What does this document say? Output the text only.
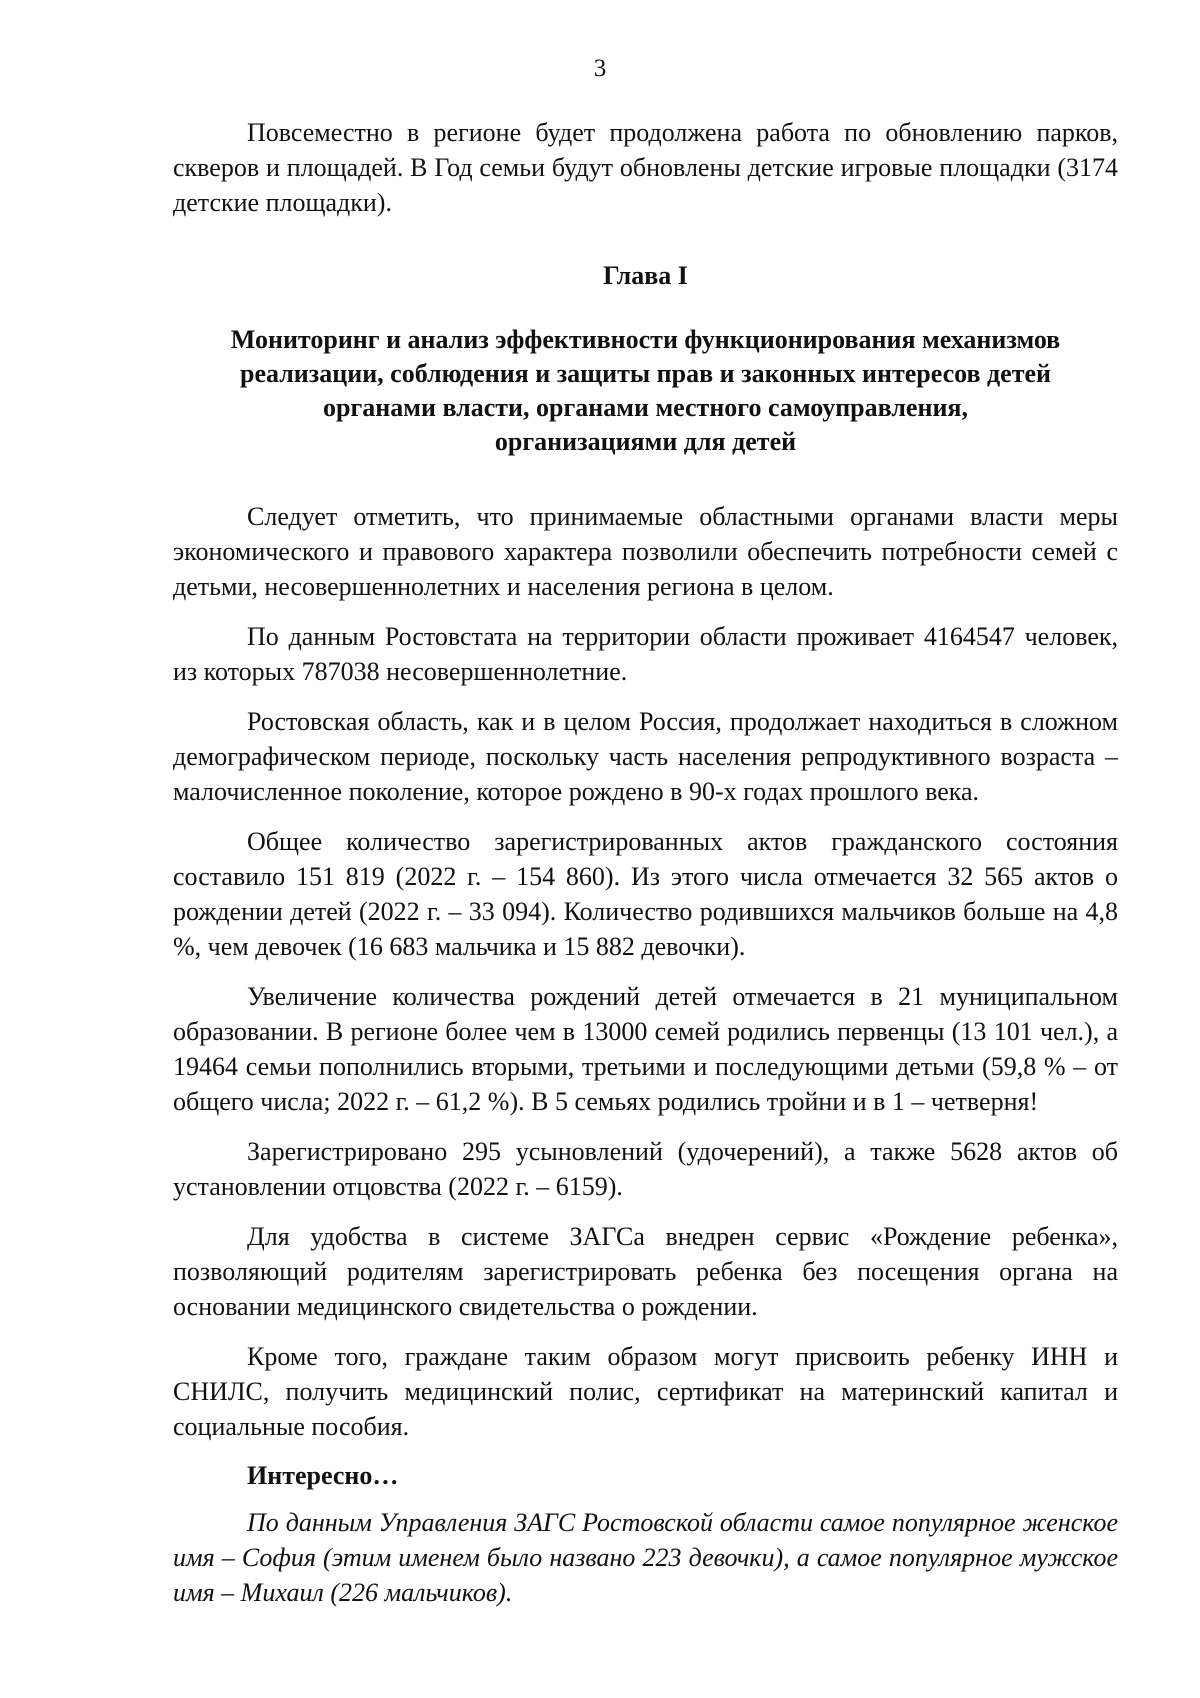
3

Повсеместно в регионе будет продолжена работа по обновлению парков, скверов и площадей. В Год семьи будут обновлены детские игровые площадки (3174 детские площадки).

Глава I
Мониторинг и анализ эффективности функционирования механизмов
реализации, соблюдения и защиты прав и законных интересов детей
органами власти, органами местного самоуправления,
организациями для детей

Следует отметить, что принимаемые областными органами власти меры экономического и правового характера позволили обеспечить потребности семей с детьми, несовершеннолетних и населения региона в целом.

По данным Ростовстата на территории области проживает 4164547 человек, из которых 787038 несовершеннолетние.

Ростовская область, как и в целом Россия, продолжает находиться в сложном демографическом периоде, поскольку часть населения репродуктивного возраста – малочисленное поколение, которое рождено в 90-х годах прошлого века.

Общее количество зарегистрированных актов гражданского состояния составило 151 819 (2022 г. – 154 860). Из этого числа отмечается 32 565 актов о рождении детей (2022 г. – 33 094). Количество родившихся мальчиков больше на 4,8 %, чем девочек (16 683 мальчика и 15 882 девочки).

Увеличение количества рождений детей отмечается в 21 муниципальном образовании. В регионе более чем в 13000 семей родились первенцы (13 101 чел.), а 19464 семьи пополнились вторыми, третьими и последующими детьми (59,8 % – от общего числа; 2022 г. – 61,2 %). В 5 семьях родились тройни и в 1 – четверня!

Зарегистрировано 295 усыновлений (удочерений), а также 5628 актов об установлении отцовства (2022 г. – 6159).

Для удобства в системе ЗАГСа внедрен сервис «Рождение ребенка», позволяющий родителям зарегистрировать ребенка без посещения органа на основании медицинского свидетельства о рождении.

Кроме того, граждане таким образом могут присвоить ребенку ИНН и СНИЛС, получить медицинский полис, сертификат на материнский капитал и социальные пособия.

Интересно…

По данным Управления ЗАГС Ростовской области самое популярное женское имя – София (этим именем было названо 223 девочки), а самое популярное мужское имя – Михаил (226 мальчиков).
